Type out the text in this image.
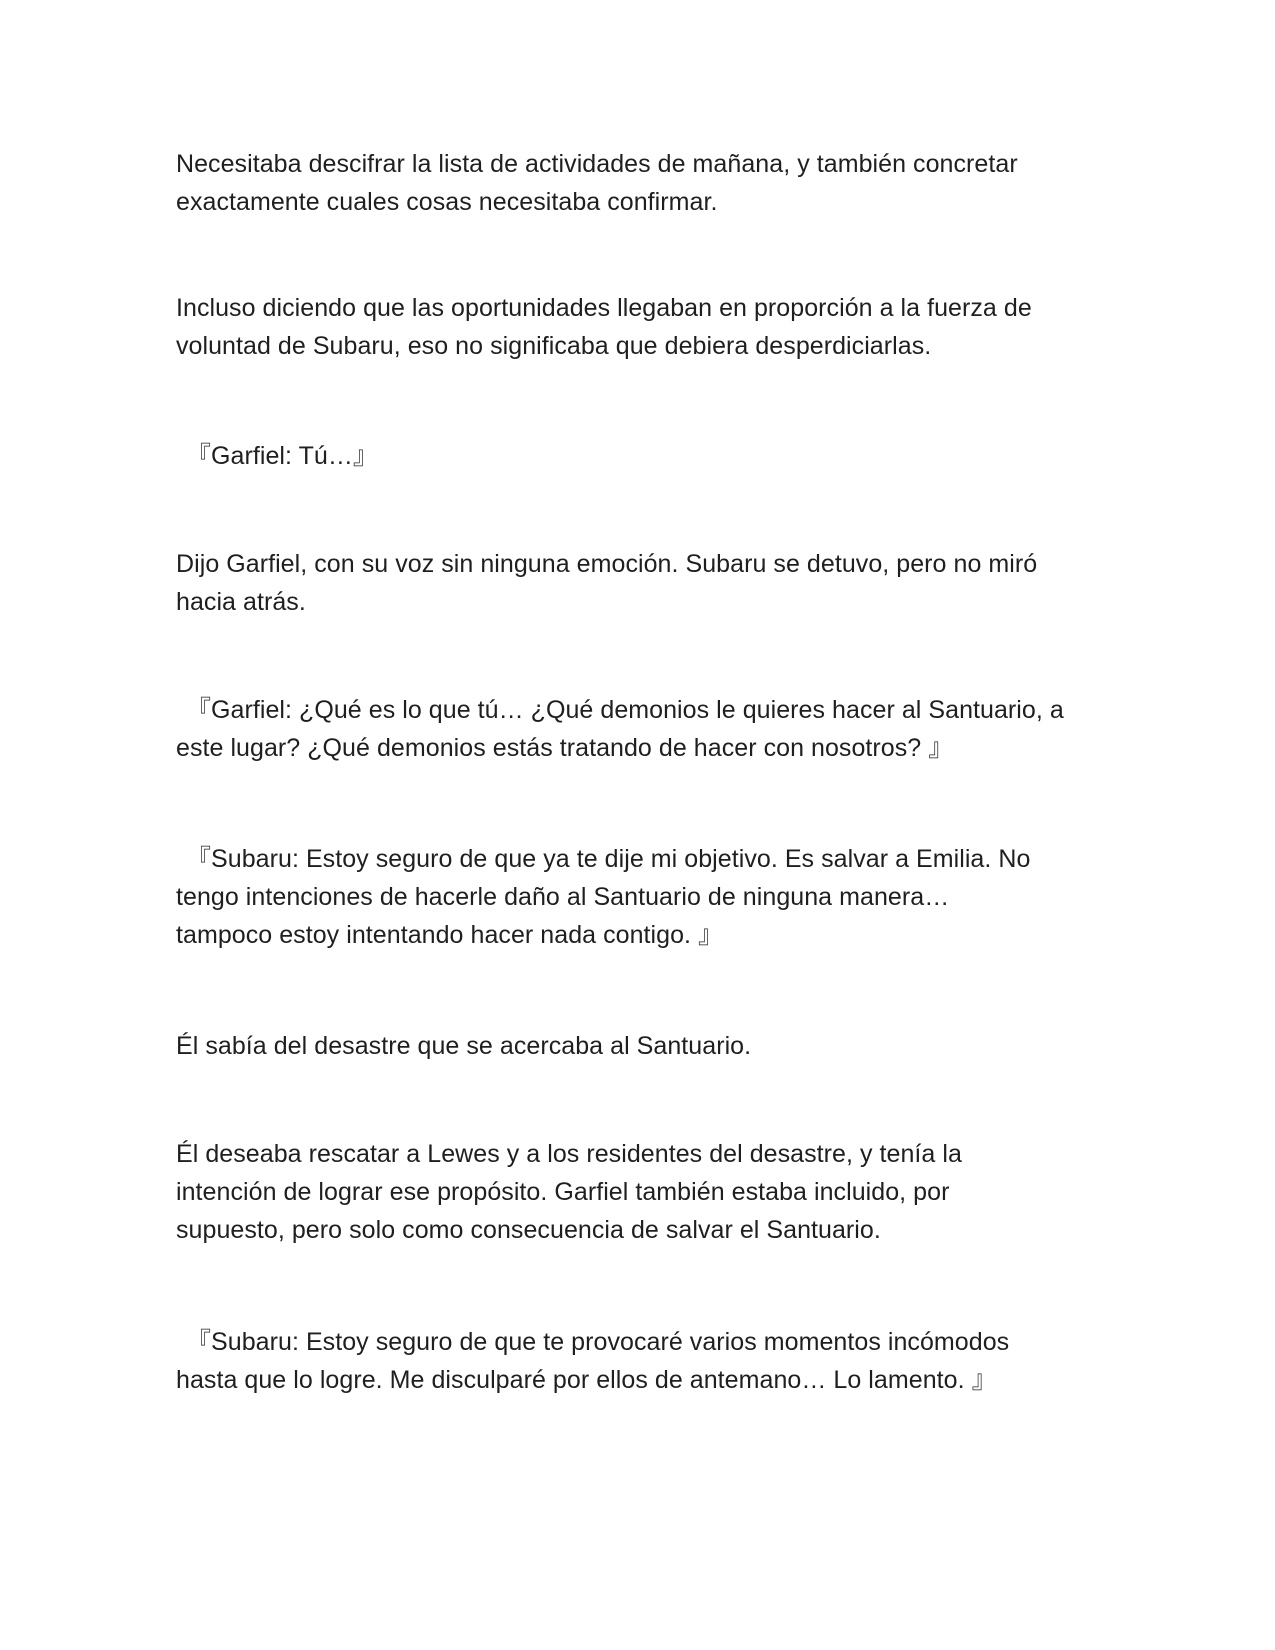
Necesitaba descifrar la lista de actividades de mañana, y también concretar
exactamente cuales cosas necesitaba confirmar.

Incluso diciendo que las oportunidades llegaban en proporción a la fuerza de
voluntad de Subaru, eso no significaba que debiera desperdiciarlas.

『Garfiel: Tú…』

Dijo Garfiel, con su voz sin ninguna emoción. Subaru se detuvo, pero no miró
hacia atrás.

『Garfiel: ¿Qué es lo que tú… ¿Qué demonios le quieres hacer al Santuario, a
este lugar? ¿Qué demonios estás tratando de hacer con nosotros? 』

『Subaru: Estoy seguro de que ya te dije mi objetivo. Es salvar a Emilia. No
tengo intenciones de hacerle daño al Santuario de ninguna manera…
tampoco estoy intentando hacer nada contigo. 』

Él sabía del desastre que se acercaba al Santuario.

Él deseaba rescatar a Lewes y a los residentes del desastre, y tenía la
intención de lograr ese propósito. Garfiel también estaba incluido, por
supuesto, pero solo como consecuencia de salvar el Santuario.

『Subaru: Estoy seguro de que te provocaré varios momentos incómodos
hasta que lo logre. Me disculparé por ellos de antemano… Lo lamento. 』
